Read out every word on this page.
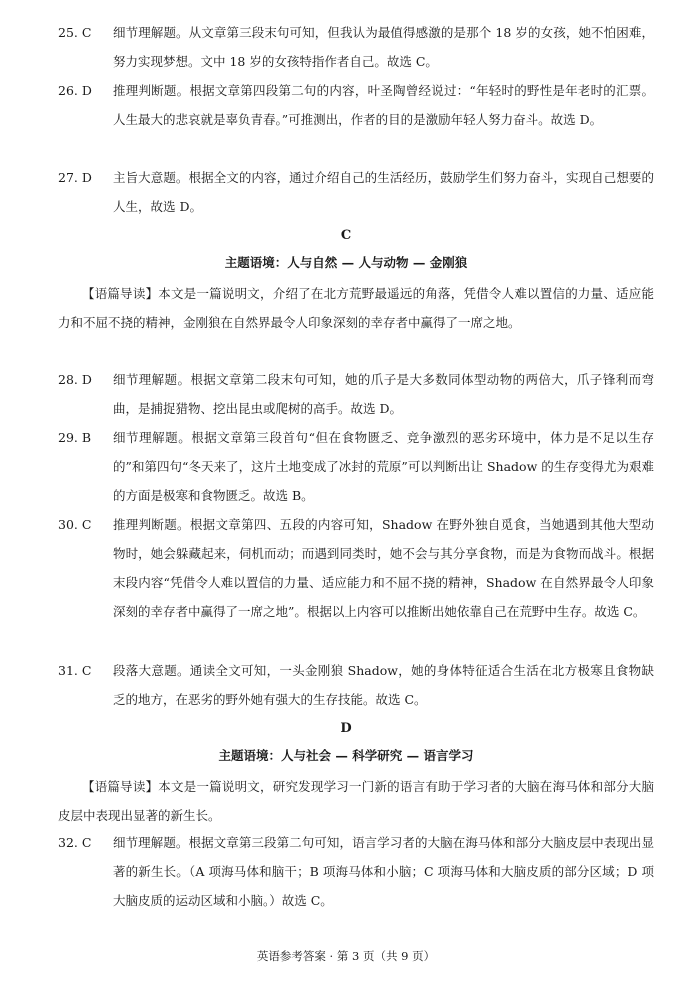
25. C 细节理解题。从文章第三段末句可知，但我认为最值得感激的是那个 18 岁的女孩，她不怕困难，努力实现梦想。文中 18 岁的女孩特指作者自己。故选 C。
26. D 推理判断题。根据文章第四段第二句的内容，叶圣陶曾经说过：“年轻时的野性是年老时的汇票。人生最大的悲哀就是辜负青春。”可推测出，作者的目的是激励年轻人努力奋斗。故选 D。
27. D 主旨大意题。根据全文的内容，通过介绍自己的生活经历，鼓励学生们努力奋斗，实现自己想要的人生，故选 D。
C
主题语境：人与自然 — 人与动物 — 金刚狼
【语篇导读】本文是一篇说明文，介绍了在北方荒野最遥远的角落，凭借令人难以置信的力量、适应能力和不屈不挠的精神，金刚狼在自然界最令人印象深刻的幸存者中赢得了一席之地。
28. D 细节理解题。根据文章第二段末句可知，她的爪子是大多数同体型动物的两倍大，爪子锋利而弯曲，是捕捉猎物、挖出昆虫或爬树的高手。故选 D。
29. B 细节理解题。根据文章第三段首句“但在食物匮乏、竞争激烈的恶劣环境中，体力是不足以生存的”和第四句“冬天来了，这片土地变成了冰封的荒原”可以判断出让 Shadow 的生存变得尤为艰难的方面是极寒和食物匮乏。故选 B。
30. C 推理判断题。根据文章第四、五段的内容可知，Shadow 在野外独自觅食，当她遇到其他大型动物时，她会躲藏起来，伺机而动；而遇到同类时，她不会与其分享食物，而是为食物而战斗。根据末段内容“凭借令人难以置信的力量、适应能力和不屈不挠的精神，Shadow 在自然界最令人印象深刻的幸存者中赢得了一席之地”。根据以上内容可以推断出她依靠自己在荒野中生存。故选 C。
31. C 段落大意题。通读全文可知，一头金刚狼 Shadow，她的身体特征适合生活在北方极寒且食物缺乏的地方，在恶劣的野外她有强大的生存技能。故选 C。
D
主题语境：人与社会 — 科学研究 — 语言学习
【语篇导读】本文是一篇说明文，研究发现学习一门新的语言有助于学习者的大脑在海马体和部分大脑皮层中表现出显著的新生长。
32. C 细节理解题。根据文章第三段第二句可知，语言学习者的大脑在海马体和部分大脑皮层中表现出显著的新生长。（A 项海马体和脑干；B 项海马体和小脑；C 项海马体和大脑皮质的部分区域；D 项大脑皮质的运动区域和小脑。）故选 C。
英语参考答案 · 第 3 页（共 9 页）
